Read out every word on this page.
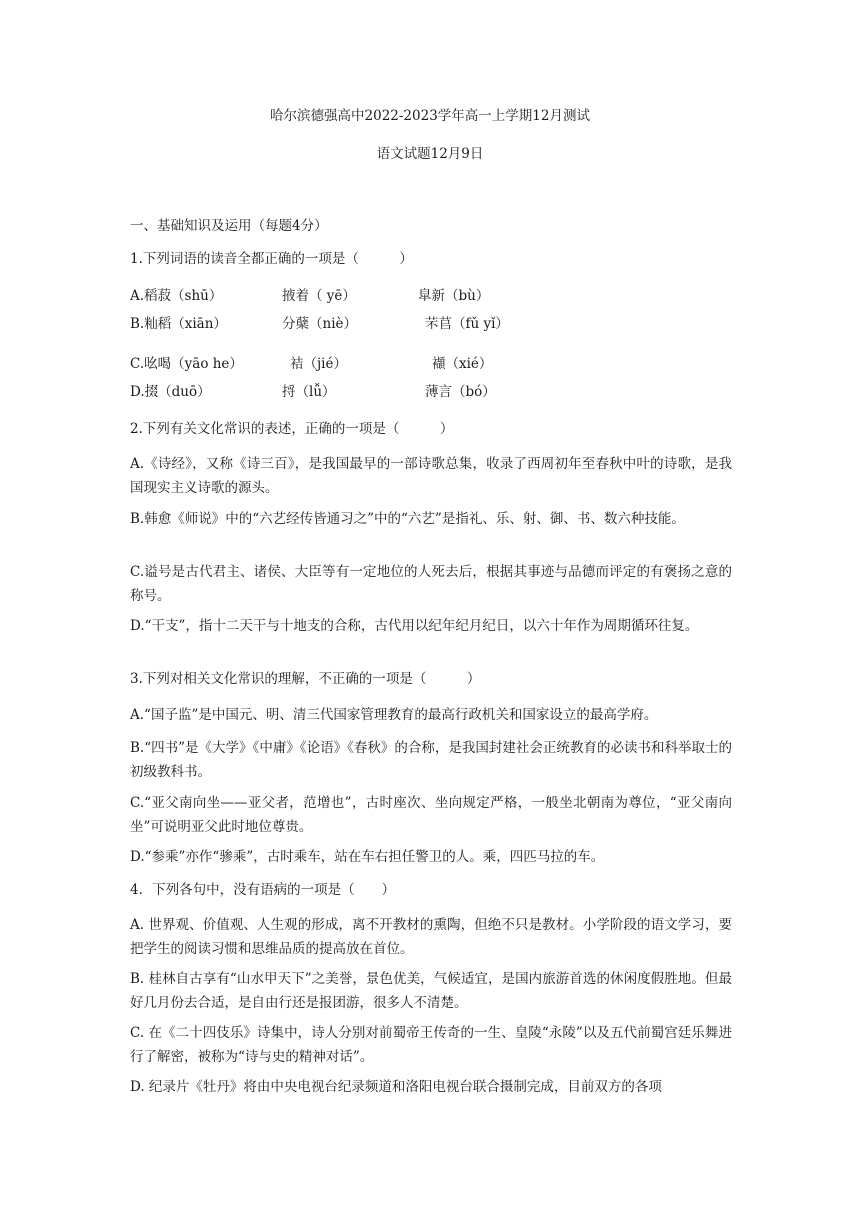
哈尔滨德强高中2022-2023学年高一上学期12月测试
语文试题12月9日
一、基础知识及运用（每题4分）
1.下列词语的读音全都正确的一项是（　　　）
A.稻菽（shū）	掖着（ yē）	皐新（bù）
B.籼稻（xiān）	分蘖（niè）	芣苢（fǔ yǐ）
C.吆喝（yāo he）	袺（jié）	襭（xié）
D.掇（duō）	捋（lǚ）	薄言（bó）
2.下列有关文化常识的表述，正确的一项是（　　　）
A.《诗经》，又称《诗三百》，是我国最早的一部诗歌总集，收录了西周初年至春秋中叶的诗歌，是我国现实主义诗歌的源头。
B.韩愈《师说》中的“六艺经传皆通习之”中的“六艺”是指礼、乐、射、御、书、数六种技能。
C.谥号是古代君主、诸侯、大臣等有一定地位的人死去后，根据其事迹与品德而评定的有褒扬之意的称号。
D.“干支”，指十二天干与十地支的合称，古代用以纪年纪月纪日，以六十年作为周期循环往复。
3.下列对相关文化常识的理解，不正确的一项是（　　　）
A.“国子监”是中国元、明、清三代国家管理教育的最高行政机关和国家设立的最高学府。
B.“四书”是《大学》《中庸》《论语》《春秋》的合称，是我国封建社会正统教育的必读书和科举取士的初级教科书。
C.“亚父南向坐——亚父者，范增也”，古时座次、坐向规定严格，一般坐北朝南为尊位，“亚父南向坐”可说明亚父此时地位尊贵。
D.“参乘”亦作“骖乘”，古时乘车，站在车右担任警卫的人。乘，四匹马拉的车。
4．下列各句中，没有语病的一项是（　　）
A. 世界观、价值观、人生观的形成，离不开教材的熏陶，但绝不只是教材。小学阶段的语文学习，要把学生的阅读习惯和思维品质的提高放在首位。
B. 桂林自古享有“山水甲天下”之美誉，景色优美，气候适宜，是国内旅游首选的休闲度假胜地。但最好几月份去合适，是自由行还是报团游，很多人不清楚。
C. 在《二十四伎乐》诗集中，诗人分别对前蜀帝王传奇的一生、皇陵“永陵”以及五代前蜀宫廷乐舞进行了解密，被称为“诗与史的精神对话”。
D. 纪录片《牡丹》将由中央电视台纪录频道和洛阳电视台联合摄制完成，目前双方的各项
